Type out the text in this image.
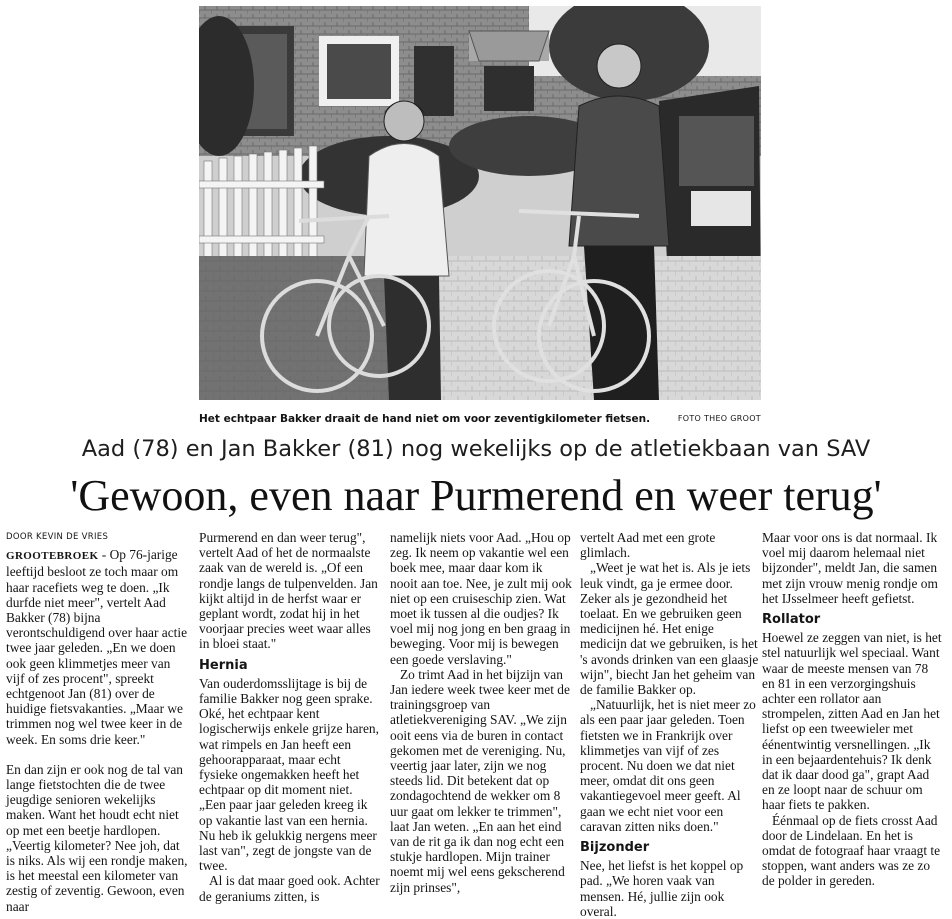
Het echtpaar Bakker draait de hand niet om voor zeventigkilometer fietsen.	FOTO THEO GROOT
Aad (78) en Jan Bakker (81) nog wekelijks op de atletiekbaan van SAV
'Gewoon, even naar Purmerend en weer terug'
DOOR KEVIN DE VRIES

GROOTEBROEK - Op 76-jarige leeftijd besloot ze toch maar om haar racefiets weg te doen. „Ik durfde niet meer", vertelt Aad Bakker (78) bijna verontschuldigend over haar actie twee jaar geleden. „En we doen ook geen klimmetjes meer van vijf of zes procent", spreekt echtgenoot Jan (81) over de huidige fietsvakanties. „Maar we trimmen nog wel twee keer in de week. En soms drie keer."

En dan zijn er ook nog de tal van lange fietstochten die de twee jeugdige senioren wekelijks maken. Want het houdt echt niet op met een beetje hardlopen. „Veertig kilometer? Nee joh, dat is niks. Als wij een rondje maken, is het meestal een kilometer van zestig of zeventig. Gewoon, even naar

Purmerend en dan weer terug", vertelt Aad of het de normaalste zaak van de wereld is. „Of een rondje langs de tulpenvelden. Jan kijkt altijd in de herfst waar er geplant wordt, zodat hij in het voorjaar precies weet waar alles in bloei staat."

Hernia

Van ouderdomsslijtage is bij de familie Bakker nog geen sprake. Oké, het echtpaar kent logischerwijs enkele grijze haren, wat rimpels en Jan heeft een gehoorapparaat, maar echt fysieke ongemakken heeft het echtpaar op dit moment niet. „Een paar jaar geleden kreeg ik op vakantie last van een hernia. Nu heb ik gelukkig nergens meer last van", zegt de jongste van de twee.

Al is dat maar goed ook. Achter de geraniums zitten, is

namelijk niets voor Aad. „Hou op zeg. Ik neem op vakantie wel een boek mee, maar daar kom ik nooit aan toe. Nee, je zult mij ook niet op een cruiseschip zien. Wat moet ik tussen al die oudjes? Ik voel mij nog jong en ben graag in beweging. Voor mij is bewegen een goede verslaving."

Zo trimt Aad in het bijzijn van Jan iedere week twee keer met de trainingsgroep van atletiekvereniging SAV. „We zijn ooit eens via de buren in contact gekomen met de vereniging. Nu, veertig jaar later, zijn we nog steeds lid. Dit betekent dat op zondagochtend de wekker om 8 uur gaat om lekker te trimmen", laat Jan weten. „En aan het eind van de rit ga ik dan nog echt een stukje hardlopen. Mijn trainer noemt mij wel eens gekscherend zijn prinses",

vertelt Aad met een grote glimlach.

„Weet je wat het is. Als je iets leuk vindt, ga je ermee door. Zeker als je gezondheid het toelaat. En we gebruiken geen medicijnen hé. Het enige medicijn dat we gebruiken, is het 's avonds drinken van een glaasje wijn", biecht Jan het geheim van de familie Bakker op.

„Natuurlijk, het is niet meer zo als een paar jaar geleden. Toen fietsten we in Frankrijk over klimmetjes van vijf of zes procent. Nu doen we dat niet meer, omdat dit ons geen vakantiegevoel meer geeft. Al gaan we echt niet voor een caravan zitten niks doen."

Bijzonder

Nee, het liefst is het koppel op pad. „We horen vaak van mensen. Hé, jullie zijn ook overal.

Maar voor ons is dat normaal. Ik voel mij daarom helemaal niet bijzonder", meldt Jan, die samen met zijn vrouw menig rondje om het IJsselmeer heeft gefietst.

Rollator

Hoewel ze zeggen van niet, is het stel natuurlijk wel speciaal. Want waar de meeste mensen van 78 en 81 in een verzorgingshuis achter een rollator aan strompelen, zitten Aad en Jan het liefst op een tweewieler met éénentwintig versnellingen. „Ik in een bejaardentehuis? Ik denk dat ik daar dood ga", grapt Aad en ze loopt naar de schuur om haar fiets te pakken.

Éénmaal op de fiets crosst Aad door de Lindelaan. En het is omdat de fotograaf haar vraagt te stoppen, want anders was ze zo de polder in gereden.
